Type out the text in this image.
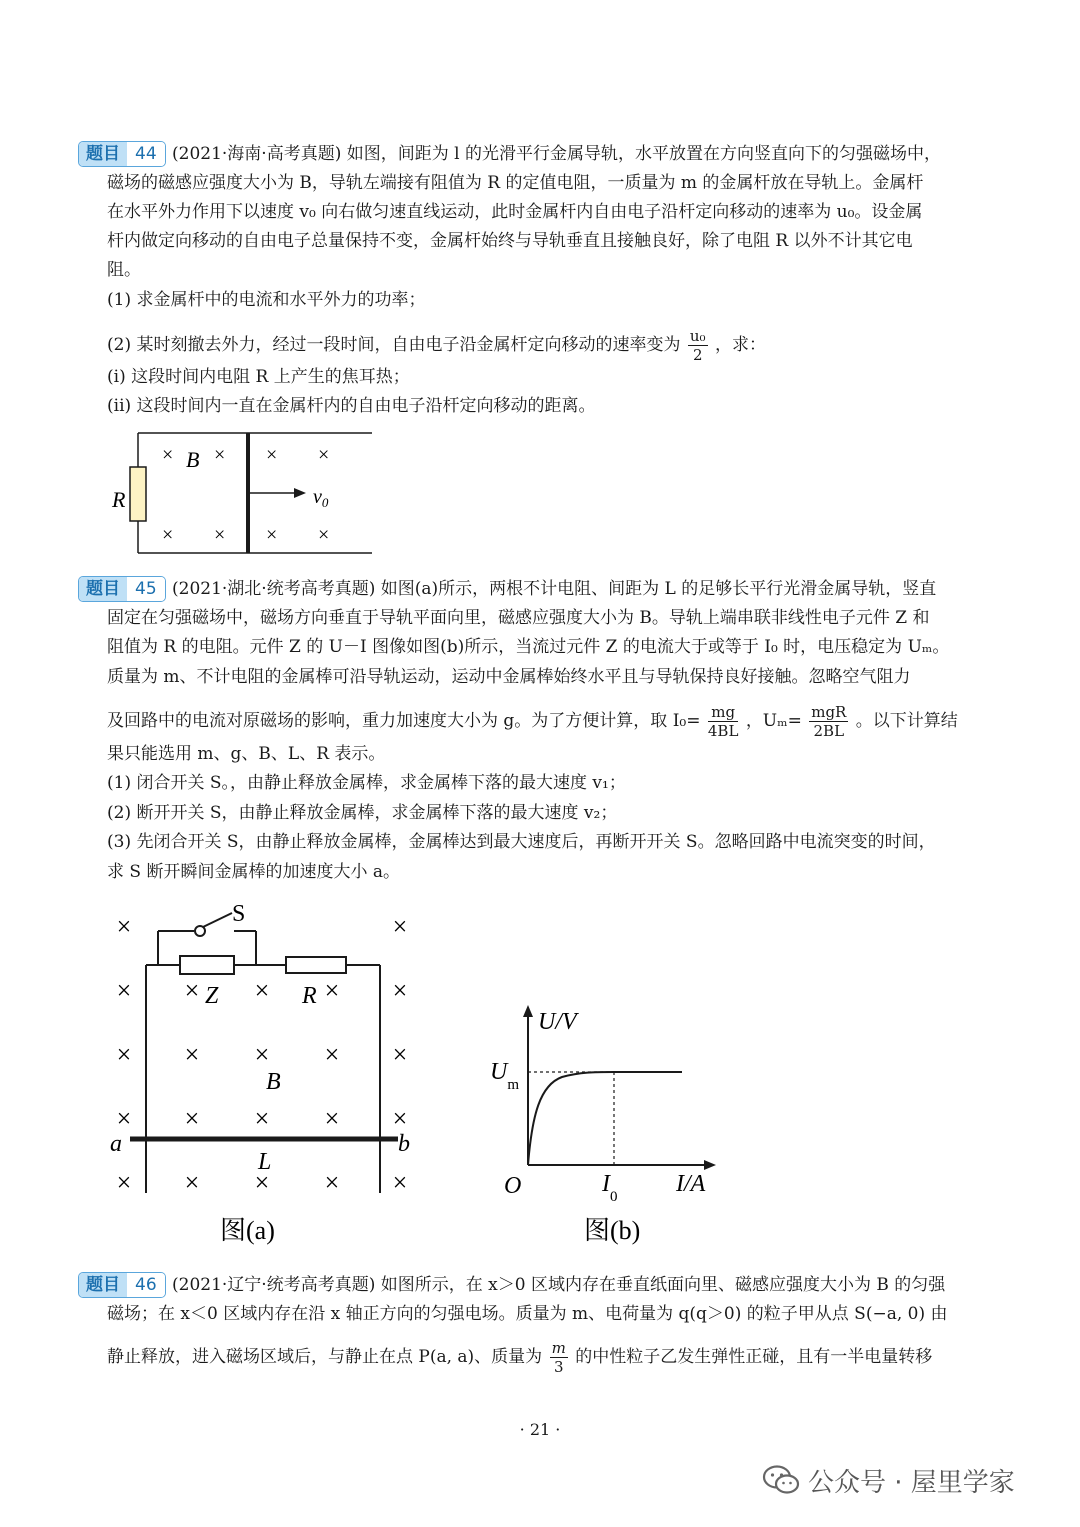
题目 44 (2021·海南·高考真题) 如图，间距为 l 的光滑平行金属导轨，水平放置在方向竖直向下的匀强磁场中，
磁场的磁感应强度大小为 B，导轨左端接有阻值为 R 的定值电阻，一质量为 m 的金属杆放在导轨上。金属杆
在水平外力作用下以速度 v₀ 向右做匀速直线运动，此时金属杆内自由电子沿杆定向移动的速率为 u₀。设金属
杆内做定向移动的自由电子总量保持不变，金属杆始终与导轨垂直且接触良好，除了电阻 R 以外不计其它电
阻。
(1) 求金属杆中的电流和水平外力的功率；
(2) 某时刻撤去外力，经过一段时间，自由电子沿金属杆定向移动的速率变为 $\frac{\text{u₀}}{2}$ ，求：
(i) 这段时间内电阻 R 上产生的焦耳热；
(ii) 这段时间内一直在金属杆内的自由电子沿杆定向移动的距离。
R
B
$v_0$
× × × ×
× × × ×
题目 45 (2021·湖北·统考高考真题) 如图(a)所示，两根不计电阻、间距为 L 的足够长平行光滑金属导轨，竖直
固定在匀强磁场中，磁场方向垂直于导轨平面向里，磁感应强度大小为 B。导轨上端串联非线性电子元件 Z 和
阻值为 R 的电阻。元件 Z 的 U－I 图像如图(b)所示，当流过元件 Z 的电流大于或等于 I₀ 时，电压稳定为 Uₘ。
质量为 m、不计电阻的金属棒可沿导轨运动，运动中金属棒始终水平且与导轨保持良好接触。忽略空气阻力
及回路中的电流对原磁场的影响，重力加速度大小为 g。为了方便计算，取 $I_0= \frac{mg}{4BL}$ ，Uₘ= mgR
2BL 。以下计算结
果只能选用 m、g、B、L、R 表示。
(1) 闭合开关 S。，由静止释放金属棒，求金属棒下落的最大速度 v₁；
(2) 断开开关 S，由静止释放金属棒，求金属棒下落的最大速度 v₂；
(3) 先闭合开关 S，由静止释放金属棒，金属棒达到最大速度后，再断开开关 S。忽略回路中电流突变的时间，
求 S 断开瞬间金属棒的加速度大小 a。
×	×
× × × × ×
× × × × ×
× × × × ×
× × × × ×
S
Z	R
B
a	b
L
图(a)
U/V
I/A
$U_m$
$I_0$
O
图(b)
题目 46 (2021·辽宁·统考高考真题) 如图所示，在 x＞0 区域内存在垂直纸面向里、磁感应强度大小为 B 的匀强
磁场；在 x＜0 区域内存在沿 x 轴正方向的匀强电场。质量为 m、电荷量为 q(q＞0) 的粒子甲从点 S(−a, 0) 由
静止释放，进入磁场区域后，与静止在点 P(a, a)、质量为 $\frac{m}{3}$ 的中性粒子乙发生弹性正碰，且有一半电量转移
· 21 ·
公众号 · 屋里学家
